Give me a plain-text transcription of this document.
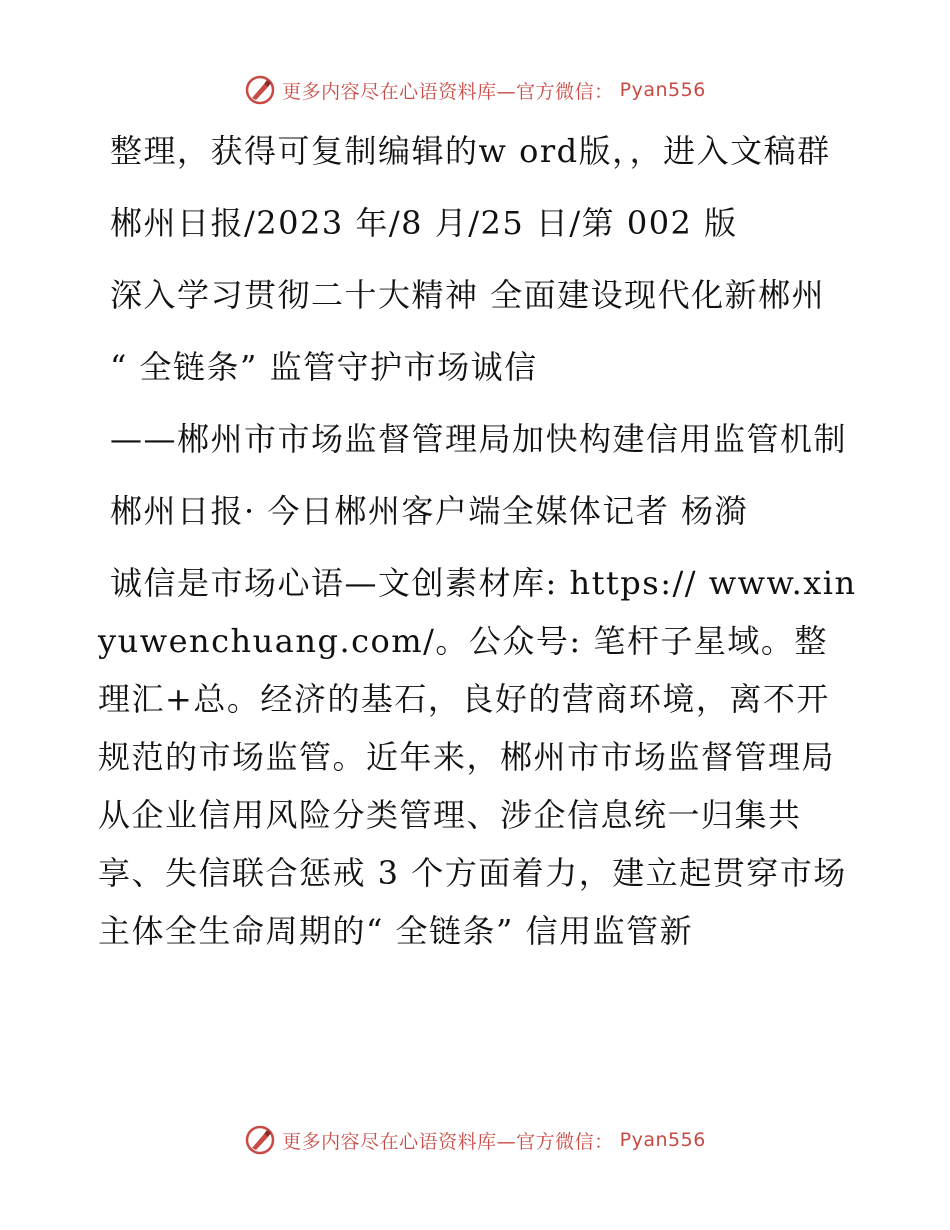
更多内容尽在心语资料库—官方微信： Pyan556

整理，获得可复制编辑的w ord版，，进入文稿群

郴州日报/2023 年/8 月/25 日/第 002 版

深入学习贯彻二十大精神 全面建设现代化新郴州

“ 全链条” 监管守护市场诚信

——郴州市市场监督管理局加快构建信用监管机制

郴州日报· 今日郴州客户端全媒体记者 杨漪

诚信是市场心语—文创素材库: https:// www.xinyuwenchuang.com/。公众号: 笔杆子星域。整理汇+总。经济的基石，良好的营商环境，离不开规范的市场监管。近年来，郴州市市场监督管理局从企业信用风险分类管理、涉企信息统一归集共享、失信联合惩戒 3 个方面着力，建立起贯穿市场主体全生命周期的“ 全链条” 信用监管新

更多内容尽在心语资料库—官方微信： Pyan556
